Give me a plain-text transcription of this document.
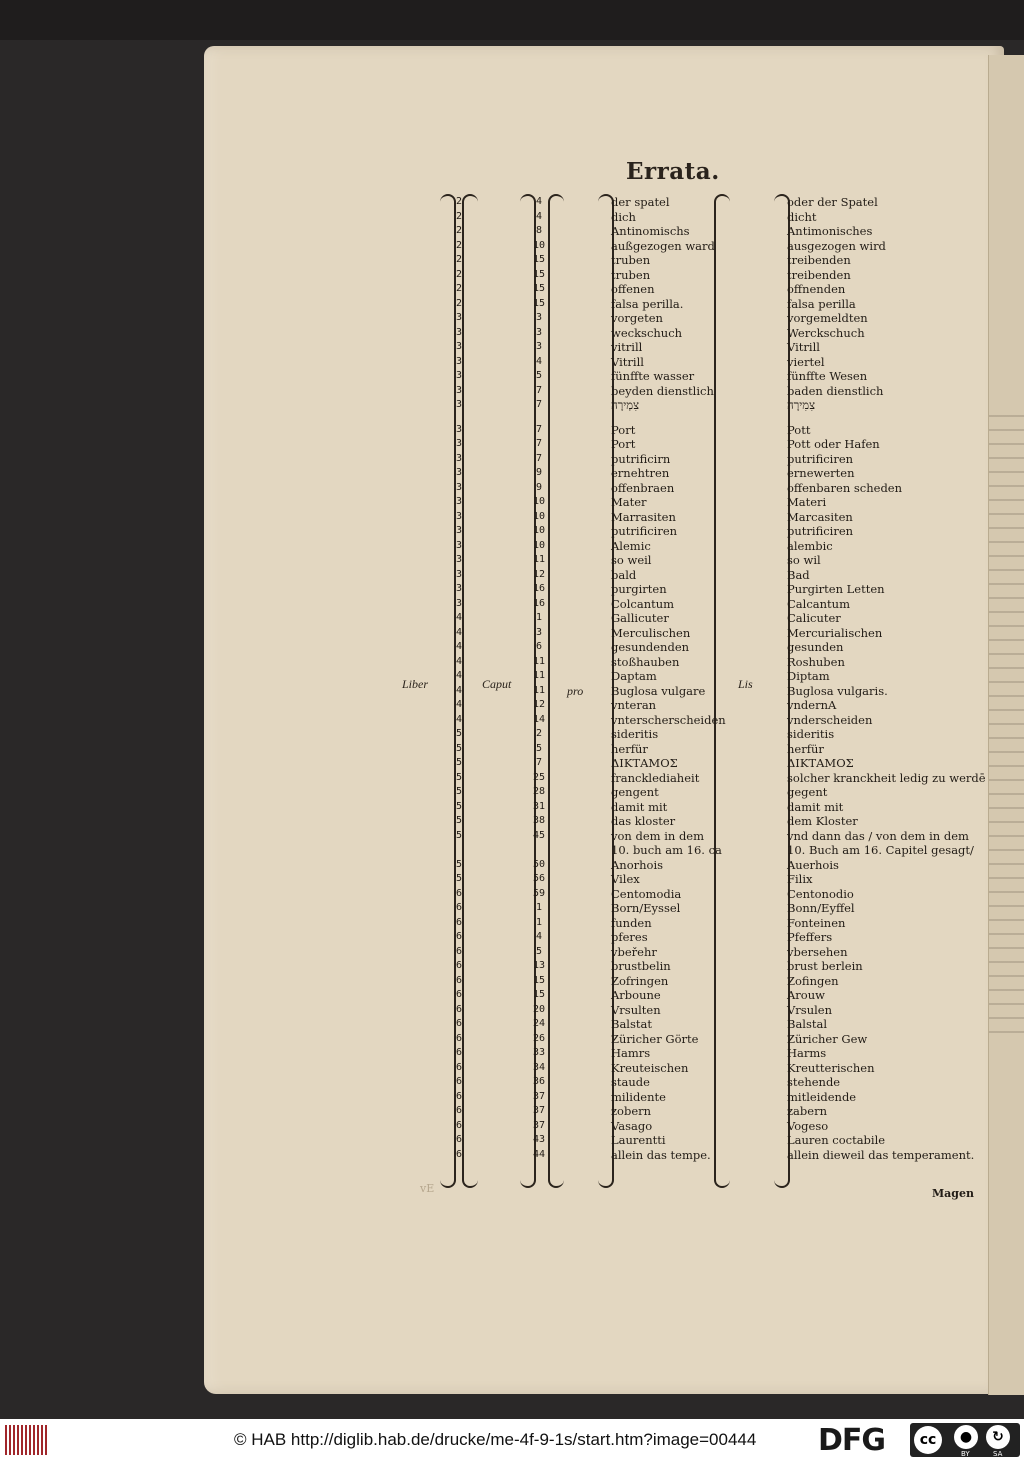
Errata.
Liber	Caput	pro	Lis
2	4	der spatel	oder der Spatel
2	4	dich	dicht
2	8	Antinomischs	Antimonisches
2	10	außgezogen ward	ausgezogen wird
2	15	truben	treibenden
2	15	truben	treibenden
2	15	offenen	offnenden
2	15	falsa perilla.	falsa perilla
3	3	vorgeten	vorgemeldten
3	3	weckschuch	Werckschuch
3	3	vitrill	Vitrill
3	4	Vitrill	viertel
3	5	fünffte wasser	fünffte Wesen
3	7	beyden dienstlich	baden dienstlich
3	7	צִמְירָה	צִמִירָה
3	7	Port	Pott
3	7	Port	Pott oder Hafen
3	7	putrificirn	putrificiren
3	9	ernehtren	ernewerten
3	9	offenbraen	offenbaren scheden
3	10	Mater	Materi
3	10	Marrasiten	Marcasiten
3	10	putrificiren	putrificiren
3	10	Alemic	alembic
3	11	so weil	so wil
3	12	bald	Bad
3	16	purgirten	Purgirten Letten
3	16	Colcantum	Calcantum
4	1	Gallicuter	Calicuter
4	3	Merculischen	Mercurialischen
4	6	gesundenden	gesunden
4	11	stoßhauben	Roshuben
4	11	Daptam	Diptam
4	11	Buglosa vulgare	Buglosa vulgaris.
4	12	vnteran	vndernA
4	14	vnterscherscheiden	vnderscheiden
5	2	sideritis	sideritis
5	5	herfür	herfür
5	7	ΔΙΚΤΑΜΟΣ	ΔΙΚΤΑΜΟΣ
5	25	francklediaheit	solcher kranckheit ledig zu werdē
5	28	gengent	gegent
5	31	damit mit	damit mit
5	38	das kloster	dem Kloster
5	45	von dem in dem	vnd dann das / von dem in dem
10. buch am 16. ca	10. Buch am 16. Capitel gesagt/
5	50	Anorhois	Auerhois
5	56	Vilex	Filix
6	59	Centomodia	Centonodio
6	1	Born/Eyssel	Bonn/Eyffel
6	1	funden	Fonteinen
6	4	pferes	Pfeffers
6	5	vbeřehr	vbersehen
6	13	brustbelin	brust berlein
6	15	Zofringen	Zofingen
6	15	Arboune	Arouw
6	20	Vrsulten	Vrsulen
6	24	Balstat	Balstal
6	26	Züricher Görte	Züricher Gew
6	33	Hamrs	Harms
6	34	Kreuteischen	Kreutterischen
6	36	staude	stehende
6	37	milidente	mitleidende
6	37	zobern	zabern
6	37	Vasago	Vogeso
6	43	Laurentti	Lauren coctabile
6	44	allein das tempe.	allein dieweil das temperament.
vE	Magen
© HAB http://diglib.hab.de/drucke/me-4f-9-1s/start.htm?image=00444 DFG	cc	●	↻
BY	SA
